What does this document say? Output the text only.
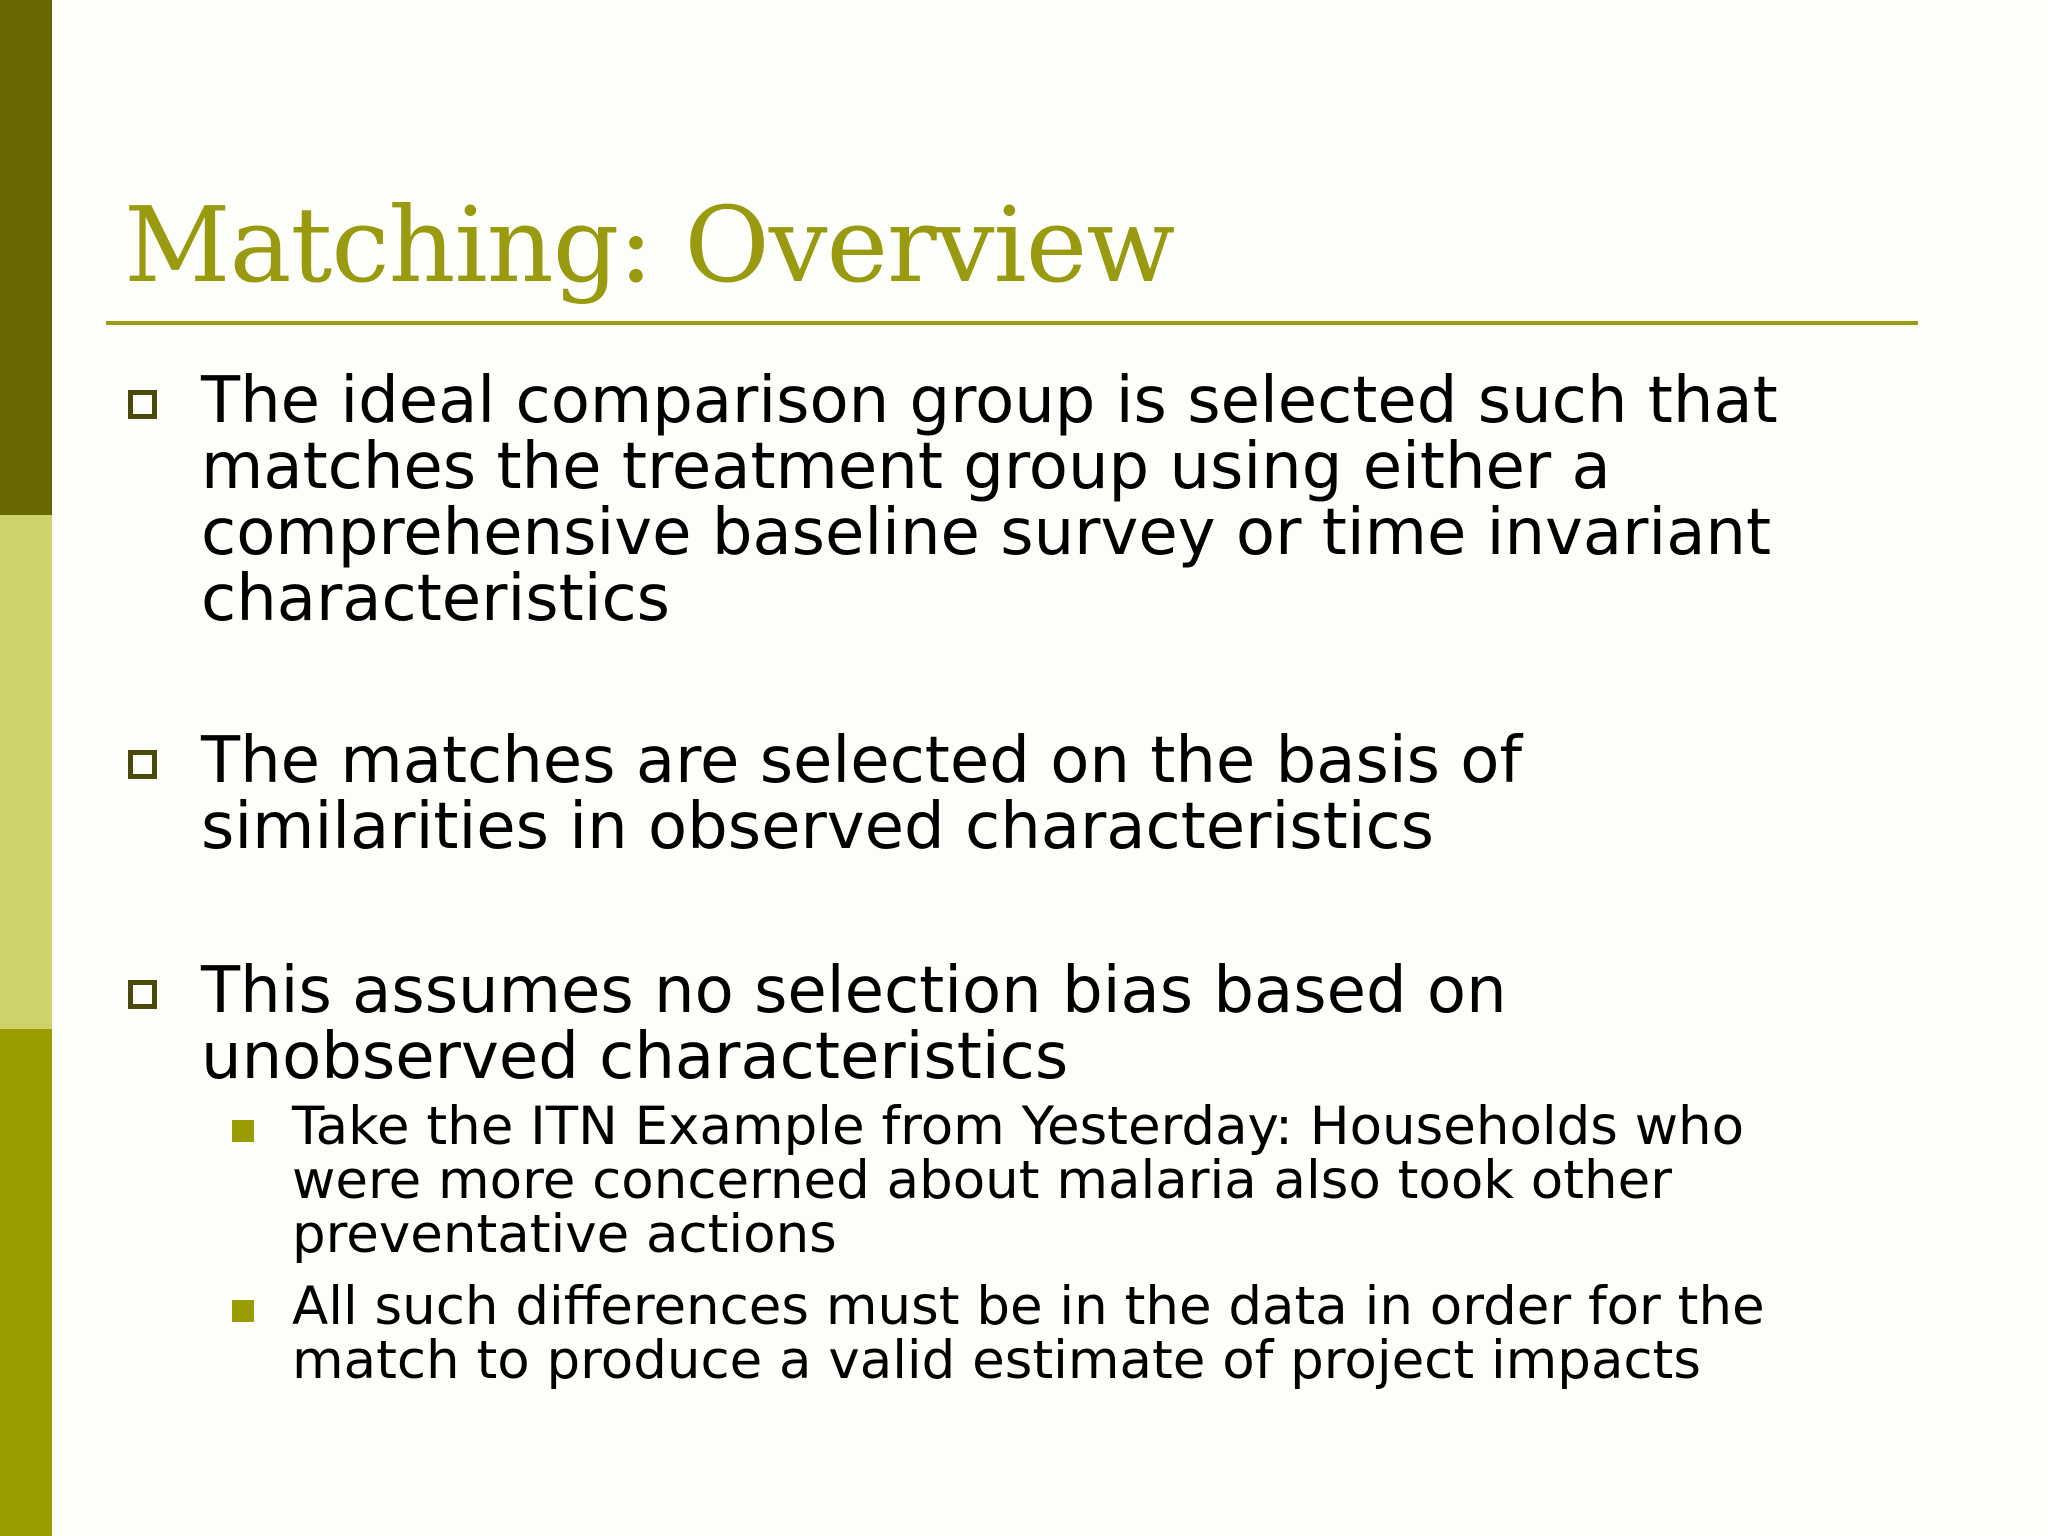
Matching: Overview
The ideal comparison group is selected such that
matches the treatment group using either a
comprehensive baseline survey or time invariant
characteristics
The matches are selected on the basis of
similarities in observed characteristics
This assumes no selection bias based on
unobserved characteristics
Take the ITN Example from Yesterday: Households who
were more concerned about malaria also took other
preventative actions
All such differences must be in the data in order for the
match to produce a valid estimate of project impacts
